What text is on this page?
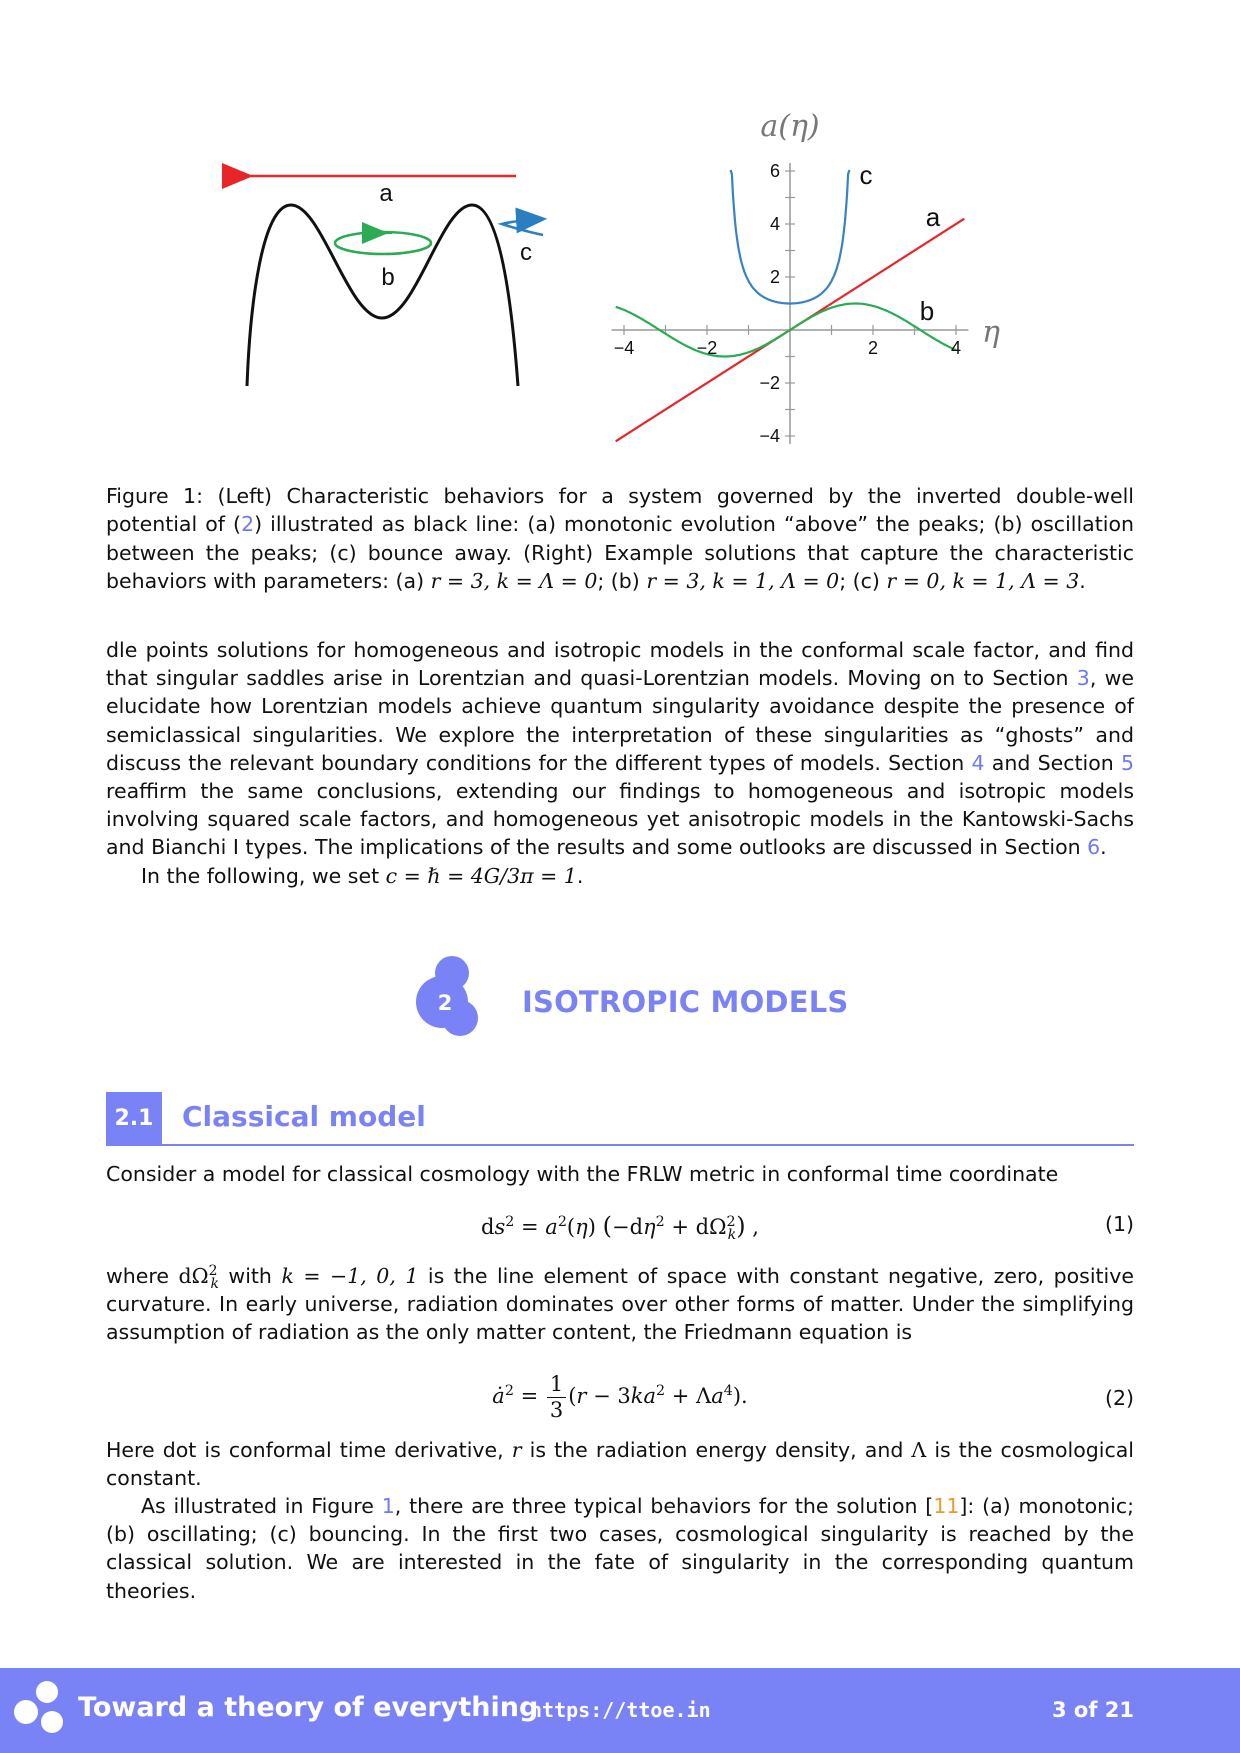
a
b
c
−4	−2	2	4
6
4
2
−2
−4
a(η)
η
c
a
b
Figure 1: (Left) Characteristic behaviors for a system governed by the inverted double-well potential of (2) illustrated as black line: (a) monotonic evolution “above” the peaks; (b) oscillation between the peaks; (c) bounce away. (Right) Example solutions that capture the characteristic behaviors with parameters: (a) r = 3, k = Λ = 0; (b) r = 3, k = 1, Λ = 0; (c) r = 0, k = 1, Λ = 3.
dle points solutions for homogeneous and isotropic models in the conformal scale factor, and find that singular saddles arise in Lorentzian and quasi-Lorentzian models. Moving on to Section 3, we elucidate how Lorentzian models achieve quantum singularity avoidance despite the presence of semiclassical singularities. We explore the interpretation of these singularities as “ghosts” and discuss the relevant boundary conditions for the different types of models. Section 4 and Section 5 reaffirm the same conclusions, extending our findings to homogeneous and isotropic models involving squared scale factors, and homogeneous yet anisotropic models in the Kantowski-Sachs and Bianchi I types. The implications of the results and some outlooks are discussed in Section 6.
In the following, we set c = ℏ = 4G/3π = 1.
2 ISOTROPIC MODELS
2.1	Classical model
Consider a model for classical cosmology with the FRLW metric in conformal time coordinate
$ds^2 = a^2(\eta) (-d\eta^2 + d\Omega^2_k)$ ,	(1)
where $d\Omega^2_k$ with k = −1, 0, 1 is the line element of space with constant negative, zero, positive curvature. In early universe, radiation dominates over other forms of matter. Under the simplifying assumption of radiation as the only matter content, the Friedmann equation is
$ȧ^2 = \frac{1}{3} (r - 3ka^2 + \Lambda a^4)$.	(2)
Here dot is conformal time derivative, r is the radiation energy density, and Λ is the cosmological constant.
As illustrated in Figure 1, there are three typical behaviors for the solution [11]: (a) monotonic; (b) oscillating; (c) bouncing. In the first two cases, cosmological singularity is reached by the classical solution. We are interested in the fate of singularity in the corresponding quantum theories.
Toward a theory of everything
https://ttoe.in	3 of 21
